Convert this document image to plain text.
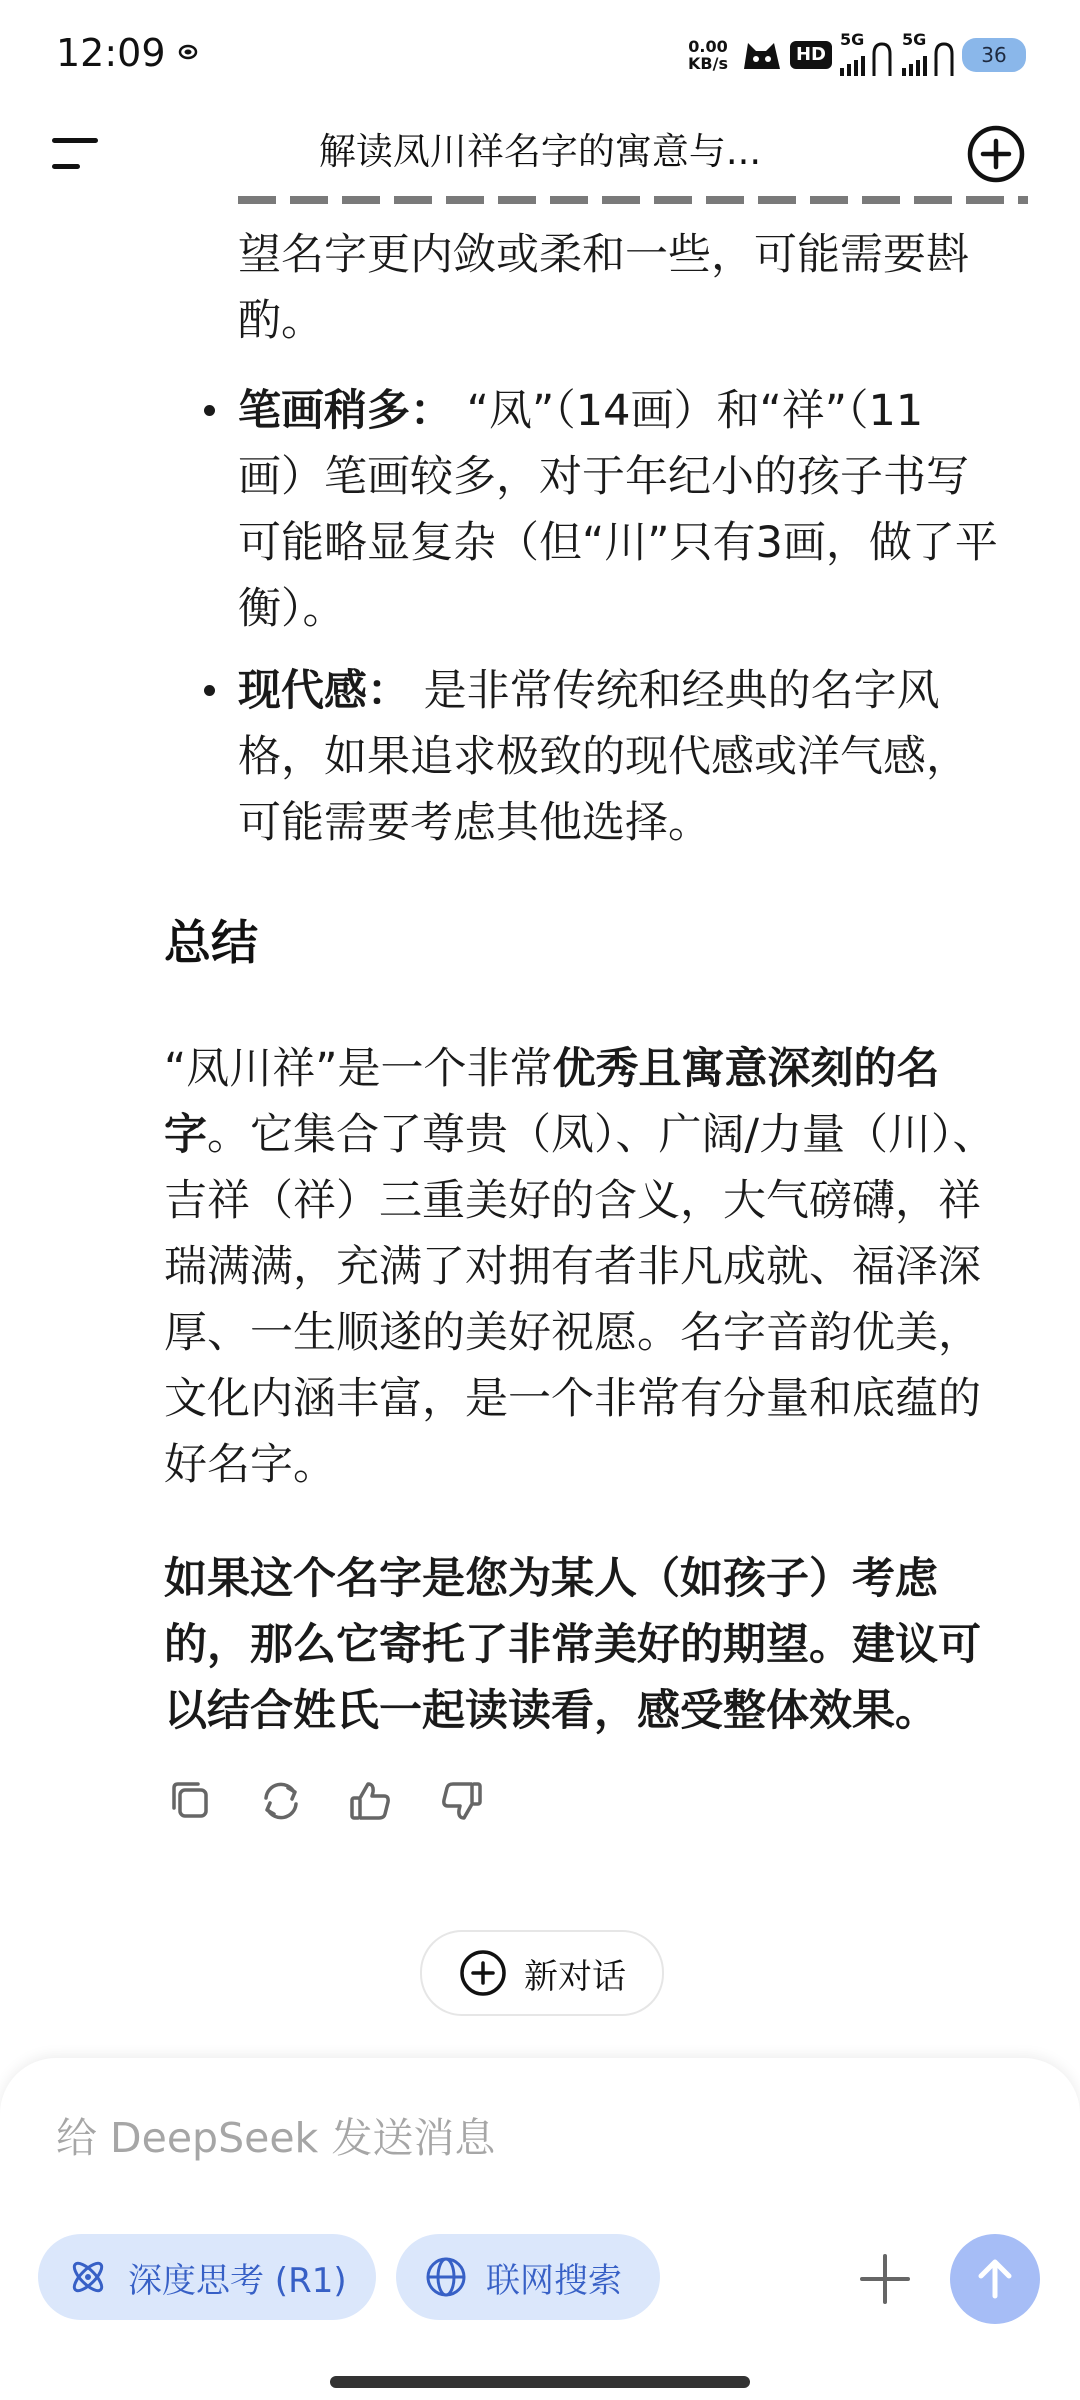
12:09	0.00
KB/s	HD
5G 5G
36
解读凤川祥名字的寓意与...
望名字更内敛或柔和一些，可能需要斟
酌。
笔画稍多： “凤”（14画）和“祥”（11
画）笔画较多，对于年纪小的孩子书写
可能略显复杂（但“川”只有3画，做了平
衡）。
现代感： 是非常传统和经典的名字风
格，如果追求极致的现代感或洋气感，
可能需要考虑其他选择。
总结
“凤川祥”是一个非常优秀且寓意深刻的名
字。它集合了尊贵（凤）、广阔/力量（川）、
吉祥（祥）三重美好的含义，大气磅礴，祥
瑞满满，充满了对拥有者非凡成就、福泽深
厚、一生顺遂的美好祝愿。名字音韵优美，
文化内涵丰富，是一个非常有分量和底蕴的
好名字。
如果这个名字是您为某人（如孩子）考虑
的，那么它寄托了非常美好的期望。建议可
以结合姓氏一起读读看，感受整体效果。
新对话
给 DeepSeek 发送消息
深度思考 (R1)	联网搜索
